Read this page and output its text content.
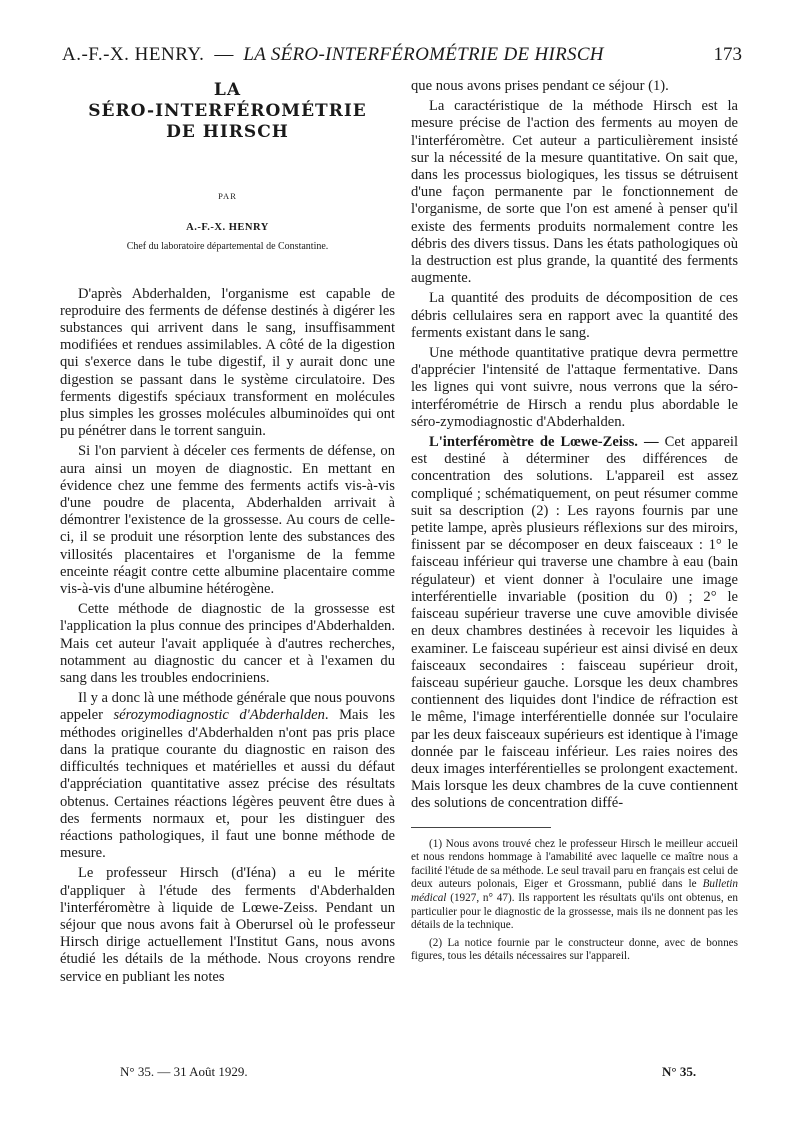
A.-F.-X. HENRY. — LA SÉRO-INTERFÉROMÉTRIE DE HIRSCH	173
LA
SÉRO-INTERFÉROMÉTRIE
DE HIRSCH
PAR
A.-F.-X. HENRY
Chef du laboratoire départemental de Constantine.

D'après Abderhalden, l'organisme est capable de reproduire des ferments de défense destinés à digérer les substances qui arrivent dans le sang, insuffisamment modifiées et rendues assimilables. A côté de la digestion qui s'exerce dans le tube digestif, il y aurait donc une digestion se passant dans le système circulatoire. Des ferments digestifs spéciaux transforment en molécules plus simples les grosses molécules albuminoïdes qui ont pu pénétrer dans le torrent sanguin.

Si l'on parvient à déceler ces ferments de défense, on aura ainsi un moyen de diagnostic. En mettant en évidence chez une femme des ferments actifs vis-à-vis d'une poudre de placenta, Abderhalden arrivait à démontrer l'existence de la grossesse. Au cours de celle-ci, il se produit une résorption lente des substances des villosités placentaires et l'organisme de la femme enceinte réagit contre cette albumine placentaire comme vis-à-vis d'une albumine hétérogène.

Cette méthode de diagnostic de la grossesse est l'application la plus connue des principes d'Abderhalden. Mais cet auteur l'avait appliquée à d'autres recherches, notamment au diagnostic du cancer et à l'examen du sang dans les troubles endocriniens.

Il y a donc là une méthode générale que nous pouvons appeler sérozymodiagnostic d'Abderhalden. Mais les méthodes originelles d'Abderhalden n'ont pas pris place dans la pratique courante du diagnostic en raison des difficultés techniques et matérielles et aussi du défaut d'appréciation quantitative assez précise des résultats obtenus. Certaines réactions légères peuvent être dues à des ferments normaux et, pour les distinguer des réactions pathologiques, il faut une bonne méthode de mesure.

Le professeur Hirsch (d'Iéna) a eu le mérite d'appliquer à l'étude des ferments d'Abderhalden l'interféromètre à liquide de Lœwe-Zeiss. Pendant un séjour que nous avons fait à Oberursel où le professeur Hirsch dirige actuellement l'Institut Gans, nous avons étudié les détails de la méthode. Nous croyons rendre service en publiant les notes

que nous avons prises pendant ce séjour (1).

La caractéristique de la méthode Hirsch est la mesure précise de l'action des ferments au moyen de l'interféromètre. Cet auteur a particulièrement insisté sur la nécessité de la mesure quantitative. On sait que, dans les processus biologiques, les tissus se détruisent d'une façon permanente par le fonctionnement de l'organisme, de sorte que l'on est amené à penser qu'il existe des ferments produits normalement contre les débris des divers tissus. Dans les états pathologiques où la destruction est plus grande, la quantité des ferments augmente.

La quantité des produits de décomposition de ces débris cellulaires sera en rapport avec la quantité des ferments existant dans le sang.

Une méthode quantitative pratique devra permettre d'apprécier l'intensité de l'attaque fermentative. Dans les lignes qui vont suivre, nous verrons que la séro-interférométrie de Hirsch a rendu plus abordable le séro-zymodiagnostic d'Abderhalden.

L'interféromètre de Lœwe-Zeiss. — Cet appareil est destiné à déterminer des différences de concentration des solutions. L'appareil est assez compliqué ; schématiquement, on peut résumer comme suit sa description (2) : Les rayons fournis par une petite lampe, après plusieurs réflexions sur des miroirs, finissent par se décomposer en deux faisceaux : 1° le faisceau inférieur qui traverse une chambre à eau (bain régulateur) et vient donner à l'oculaire une image interférentielle invariable (position du 0) ; 2° le faisceau supérieur traverse une cuve amovible divisée en deux chambres destinées à recevoir les liquides à examiner. Le faisceau supérieur est ainsi divisé en deux faisceaux secondaires : faisceau supérieur droit, faisceau supérieur gauche. Lorsque les deux chambres contiennent des liquides dont l'indice de réfraction est le même, l'image interférentielle donnée sur l'oculaire par les deux faisceaux supérieurs est identique à l'image donnée par le faisceau inférieur. Les raies noires des deux images interférentielles se prolongent exactement. Mais lorsque les deux chambres de la cuve contiennent des solutions de concentration diffé-

(1) Nous avons trouvé chez le professeur Hirsch le meilleur accueil et nous rendons hommage à l'amabilité avec laquelle ce maître nous a facilité l'étude de sa méthode. Le seul travail paru en français est celui de deux auteurs polonais, Eiger et Grossmann, publié dans le Bulletin médical (1927, n° 47). Ils rapportent les résultats qu'ils ont obtenus, en particulier pour le diagnostic de la grossesse, mais ils ne donnent pas les détails de la technique.

(2) La notice fournie par le constructeur donne, avec de bonnes figures, tous les détails nécessaires sur l'appareil.

N° 35. — 31 Août 1929.	N° 35.
